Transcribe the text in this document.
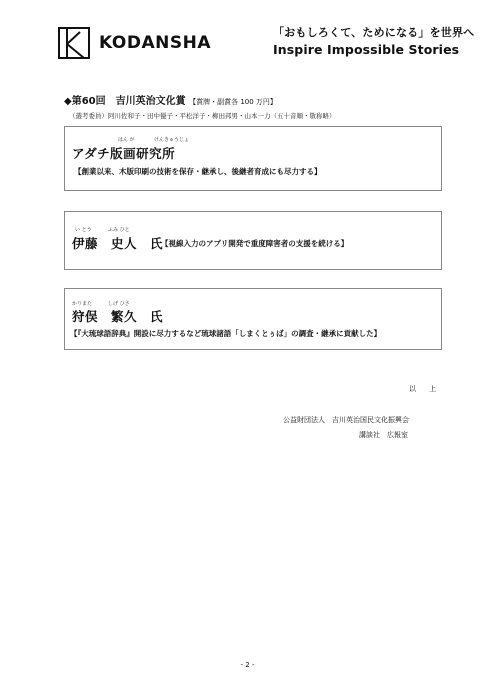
KODANSHA
「おもしろくて、ためになる」を世界へ
Inspire Impossible Stories
◆第60回　吉川英治文化賞 【賞牌・副賞各 100 万円】
（選考委員）阿川佐和子・田中優子・平松洋子・柳田邦男・山本一力（五十音順・敬称略）
はん が	けんきゅうじょ
アダチ版画研究所
【創業以来、木版印刷の技術を保存・継承し、後継者育成にも尽力する】
い とう	ふみ ひと
伊藤　史人　氏
【視線入力のアプリ開発で重度障害者の支援を続ける】
かりまた	しげ ひさ
狩俣　繁久　氏
【『大琉球語辞典』開設に尽力するなど琉球諸語「しまくとぅば」の調査・継承に貢献した】
以　上
公益財団法人　吉川英治国民文化振興会
講談社　広報室
- 2 -
